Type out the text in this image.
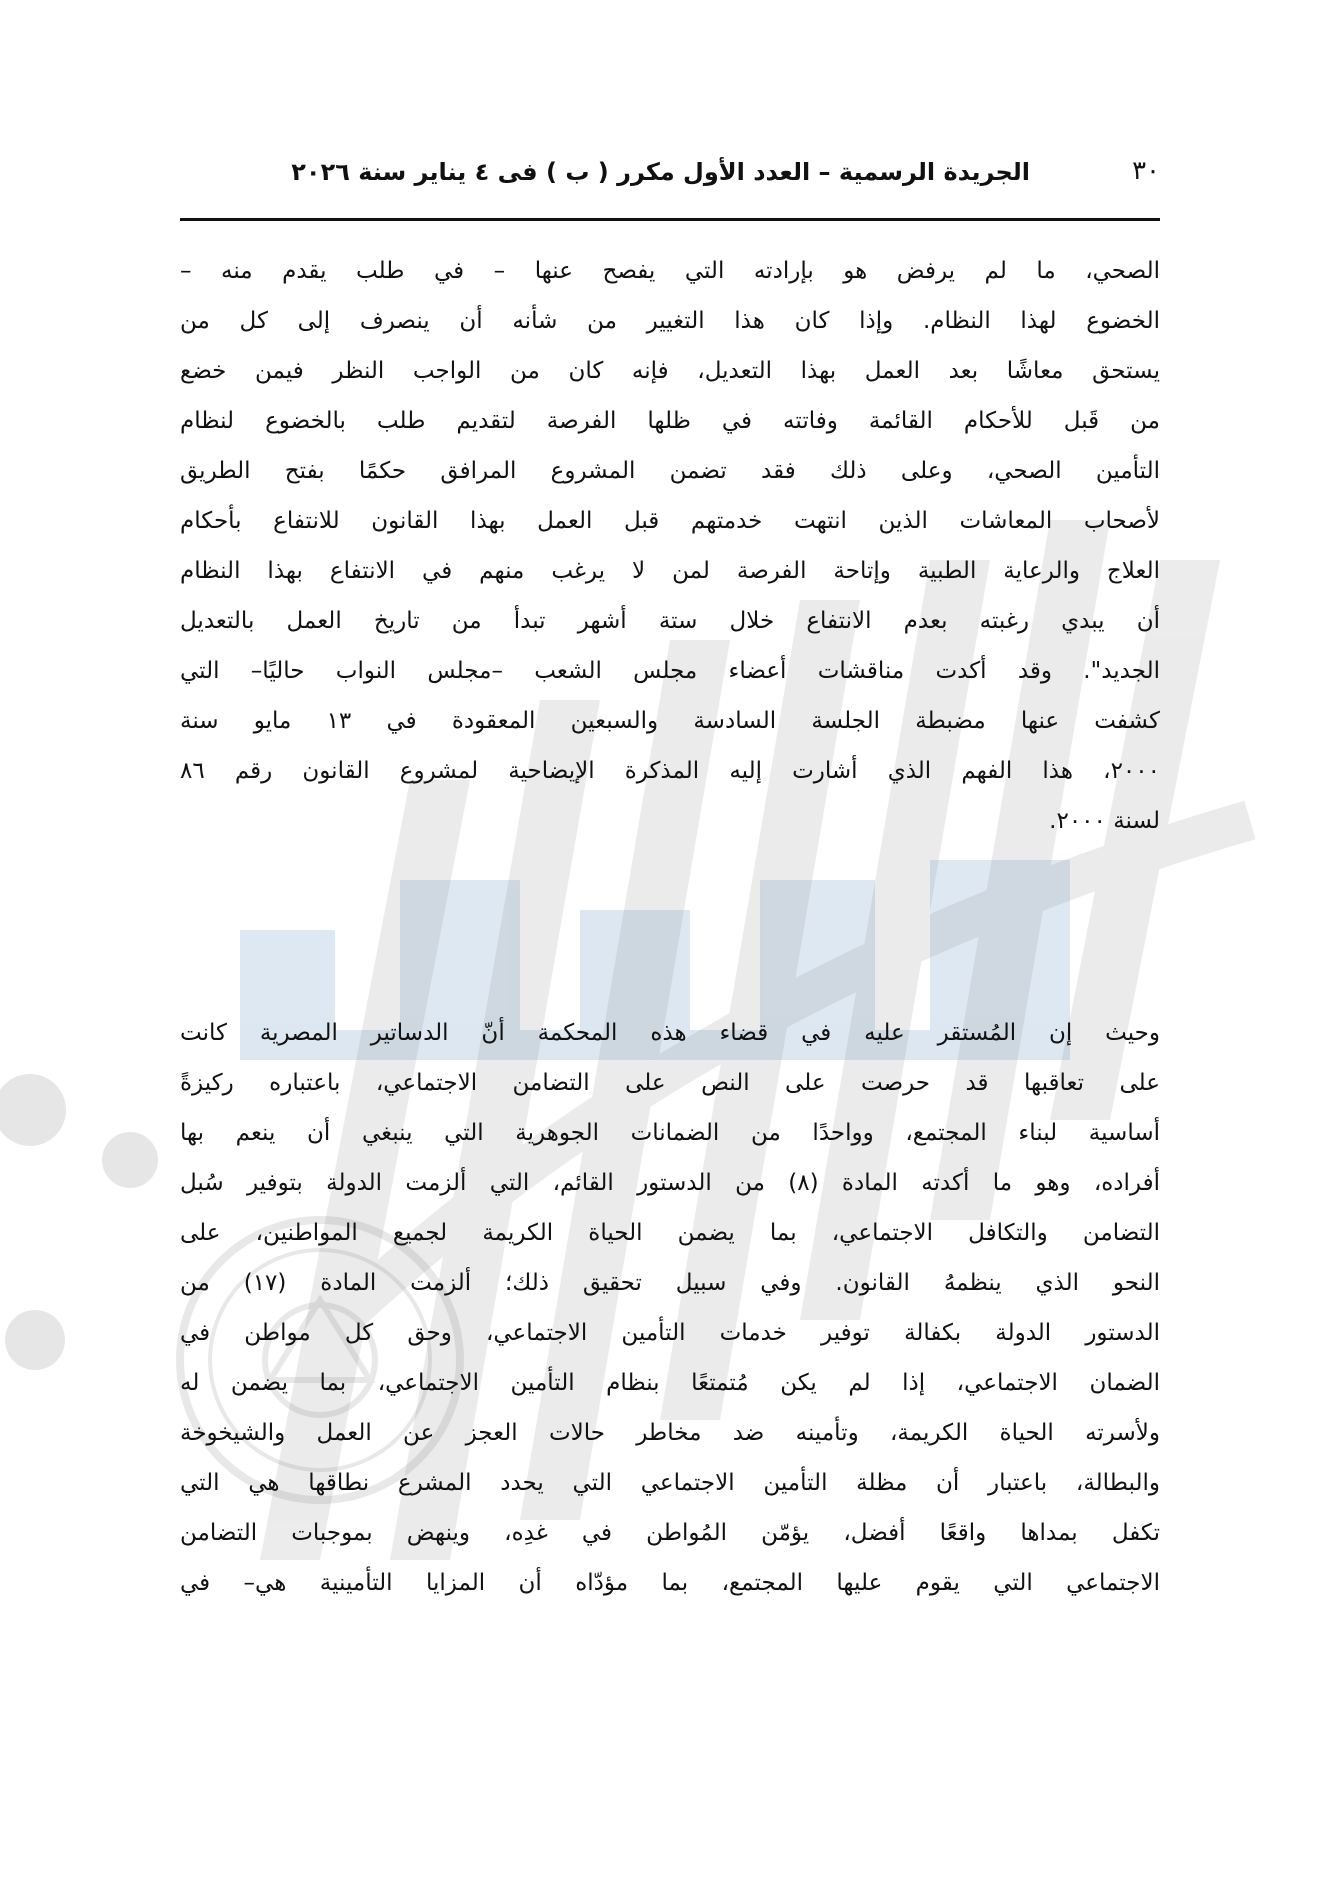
٣٠
الجريدة الرسمية – العدد الأول مكرر ( ب ) فى ٤ يناير سنة ٢٠٢٦
الصحي، ما لم يرفض هو بإرادته التي يفصح عنها – في طلب يقدم منه –
الخضوع لهذا النظام. وإذا كان هذا التغيير من شأنه أن ينصرف إلى كل من
يستحق معاشًا بعد العمل بهذا التعديل، فإنه كان من الواجب النظر فيمن خضع
من قَبل للأحكام القائمة وفاتته في ظلها الفرصة لتقديم طلب بالخضوع لنظام
التأمين الصحي، وعلى ذلك فقد تضمن المشروع المرافق حكمًا بفتح الطريق
لأصحاب المعاشات الذين انتهت خدمتهم قبل العمل بهذا القانون للانتفاع بأحكام
العلاج والرعاية الطبية وإتاحة الفرصة لمن لا يرغب منهم في الانتفاع بهذا النظام
أن يبدي رغبته بعدم الانتفاع خلال ستة أشهر تبدأ من تاريخ العمل بالتعديل
الجديد". وقد أكدت مناقشات أعضاء مجلس الشعب –مجلس النواب حاليًا– التي
كشفت عنها مضبطة الجلسة السادسة والسبعين المعقودة في ١٣ مايو سنة
٢٠٠٠، هذا الفهم الذي أشارت إليه المذكرة الإيضاحية لمشروع القانون رقم ٨٦
لسنة ٢٠٠٠.
وحيث إن المُستقر عليه في قضاء هذه المحكمة أنّ الدساتير المصرية كانت
على تعاقبها قد حرصت على النص على التضامن الاجتماعي، باعتباره ركيزةً
أساسية لبناء المجتمع، وواحدًا من الضمانات الجوهرية التي ينبغي أن ينعم بها
أفراده، وهو ما أكدته المادة (٨) من الدستور القائم، التي ألزمت الدولة بتوفير سُبل
التضامن والتكافل الاجتماعي، بما يضمن الحياة الكريمة لجميع المواطنين، على
النحو الذي ينظمهُ القانون. وفي سبيل تحقيق ذلك؛ ألزمت المادة (١٧) من
الدستور الدولة بكفالة توفير خدمات التأمين الاجتماعي، وحق كل مواطن في
الضمان الاجتماعي، إذا لم يكن مُتمتعًا بنظام التأمين الاجتماعي، بما يضمن له
ولأسرته الحياة الكريمة، وتأمينه ضد مخاطر حالات العجز عن العمل والشيخوخة
والبطالة، باعتبار أن مظلة التأمين الاجتماعي التي يحدد المشرع نطاقها هي التي
تكفل بمداها واقعًا أفضل، يؤمّن المُواطن في غدِه، وينهض بموجبات التضامن
الاجتماعي التي يقوم عليها المجتمع، بما مؤدّاه أن المزايا التأمينية هي– في
